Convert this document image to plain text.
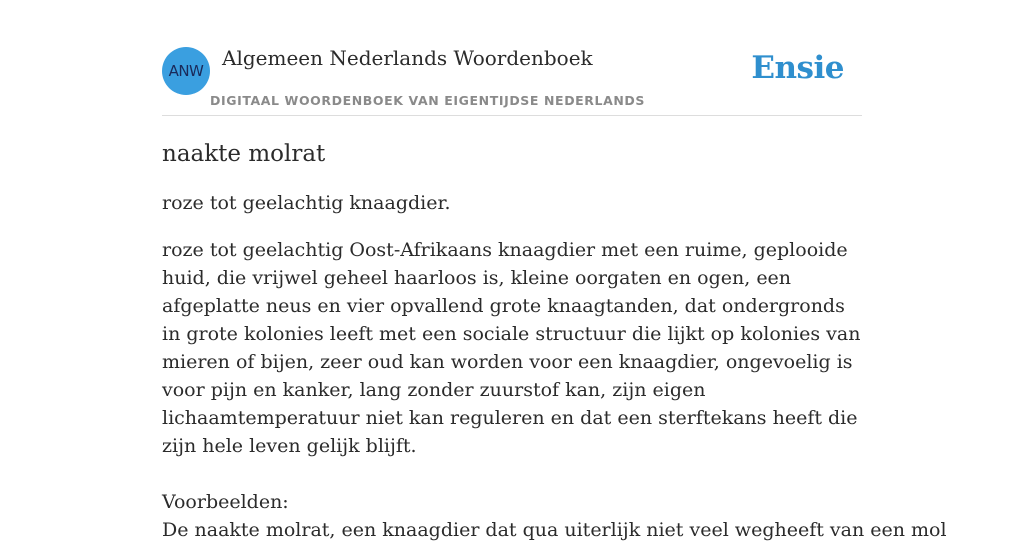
ANW
Algemeen Nederlands Woordenboek
DIGITAAL WOORDENBOEK VAN EIGENTIJDSE NEDERLANDS
Ensie
naakte molrat

roze tot geelachtig knaagdier.

roze tot geelachtig Oost-Afrikaans knaagdier met een ruime, geplooide huid, die vrijwel geheel haarloos is, kleine oorgaten en ogen, een afgeplatte neus en vier opvallend grote knaagtanden, dat ondergronds in grote kolonies leeft met een sociale structuur die lijkt op kolonies van mieren of bijen, zeer oud kan worden voor een knaagdier, ongevoelig is voor pijn en kanker, lang zonder zuurstof kan, zijn eigen lichaamtemperatuur niet kan reguleren en dat een sterftekans heeft die zijn hele leven gelijk blijft.

Voorbeelden:

De naakte molrat, een knaagdier dat qua uiterlijk niet veel wegheeft van een mol
